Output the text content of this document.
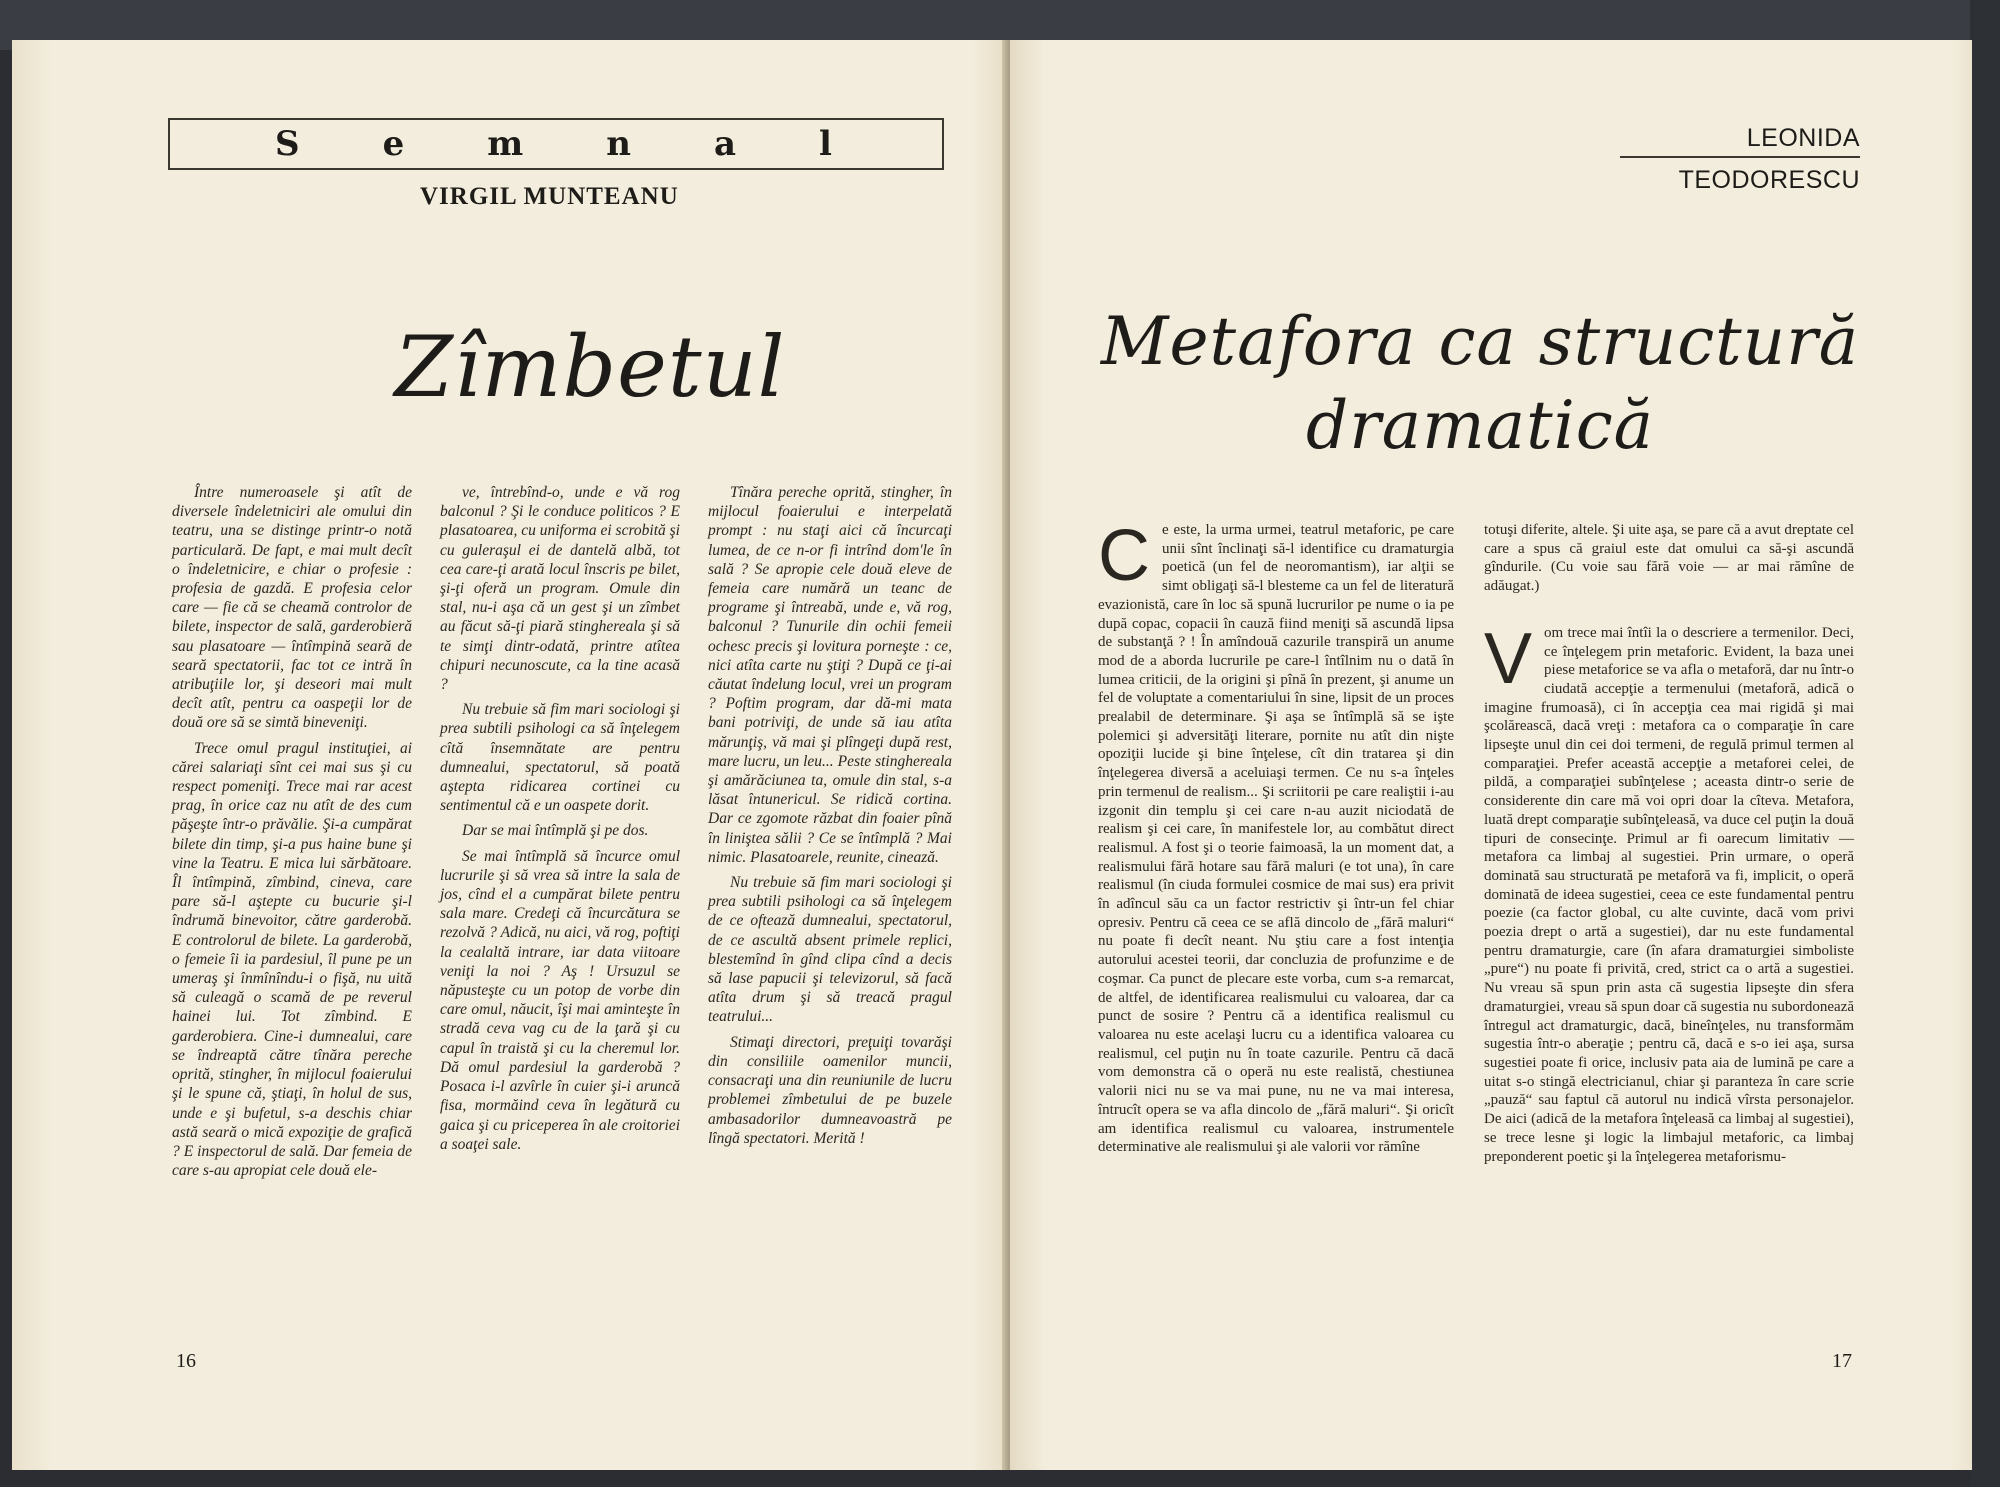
S e m n a l
VIRGIL MUNTEANU
Zîmbetul

Între numeroasele şi atît de diversele îndeletniciri ale omului din teatru, una se distinge printr-o notă particulară. De fapt, e mai mult decît o îndeletnicire, e chiar o profesie : profesia de gazdă. E profesia celor care — fie că se cheamă controlor de bilete, inspector de sală, garderobieră sau plasatoare — întîmpină seară de seară spectatorii, fac tot ce intră în atribuţiile lor, şi deseori mai mult decît atît, pentru ca oaspeţii lor de două ore să se simtă bineveniţi.

Trece omul pragul instituţiei, ai cărei salariaţi sînt cei mai sus şi cu respect pomeniţi. Trece mai rar acest prag, în orice caz nu atît de des cum păşeşte într-o prăvălie. Şi-a cumpărat bilete din timp, şi-a pus haine bune şi vine la Teatru. E mica lui sărbătoare. Îl întîmpină, zîmbind, cineva, care pare să-l aştepte cu bucurie şi-l îndrumă binevoitor, către garderobă. E controlorul de bilete. La garderobă, o femeie îi ia pardesiul, îl pune pe un umeraş şi înmînîndu-i o fişă, nu uită să culeagă o scamă de pe reverul hainei lui. Tot zîmbind. E garderobiera. Cine-i dumnealui, care se îndreaptă către tînăra pereche oprită, stingher, în mijlocul foaierului şi le spune că, ştiaţi, în holul de sus, unde e şi bufetul, s-a deschis chiar astă seară o mică expoziţie de grafică ? E inspectorul de sală. Dar femeia de care s-au apropiat cele două ele-

ve, întrebînd-o, unde e vă rog balconul ? Şi le conduce politicos ? E plasatoarea, cu uniforma ei scrobită şi cu guleraşul ei de dantelă albă, tot cea care-ţi arată locul înscris pe bilet, şi-ţi oferă un program. Omule din stal, nu-i aşa că un gest şi un zîmbet au făcut să-ţi piară stingherealа şi să te simţi dintr-odată, printre atîtea chipuri necunoscute, ca la tine acasă ?

Nu trebuie să fim mari sociologi şi prea subtili psihologi ca să înţelegem cîtă însemnătate are pentru dumnealui, spectatorul, să poată aştepta ridicarea cortinei cu sentimentul că e un oaspete dorit.

Dar se mai întîmplă şi pe dos.

Se mai întîmplă să încurce omul lucrurile şi să vrea să intre la sala de jos, cînd el a cumpărat bilete pentru sala mare. Credeţi că încurcătura se rezolvă ? Adică, nu aici, vă rog, poftiţi la cealaltă intrare, iar data viitoare veniţi la noi ? Aş ! Ursuzul se năpusteşte cu un potop de vorbe din care omul, năucit, îşi mai aminteşte în stradă ceva vag cu de la ţară şi cu capul în traistă şi cu la cheremul lor. Dă omul pardesiul la garderobă ? Posaca i-l azvîrle în cuier şi-i aruncă fisa, mormăind ceva în legătură cu gaica şi cu priceperea în ale croitoriei a soaţei sale.

Tînăra pereche oprită, stingher, în mijlocul foaierului e interpelată prompt : nu staţi aici că încurcaţi lumea, de ce n-or fi intrînd dom'le în sală ? Se apropie cele două eleve de femeia care numără un teanc de programe şi întreabă, unde e, vă rog, balconul ? Tunurile din ochii femeii ochesc precis şi lovitura porneşte : ce, nici atîta carte nu ştiţi ? După ce ţi-ai căutat îndelung locul, vrei un program ? Poftim program, dar dă-mi mata bani potriviţi, de unde să iau atîta mărunţiş, vă mai şi plîngeţi după rest, mare lucru, un leu... Peste stingherealа şi amărăciunea ta, omule din stal, s-a lăsat întunericul. Se ridică cortina. Dar ce zgomote răzbat din foaier pînă în liniştea sălii ? Ce se întîmplă ? Mai nimic. Plasatoarele, reunite, cinează.

Nu trebuie să fim mari sociologi şi prea subtili psihologi ca să înţelegem de ce oftează dumnealui, spectatorul, de ce ascultă absent primele replici, blestemînd în gînd clipa cînd a decis să lase papucii şi televizorul, să facă atîta drum şi să treacă pragul teatrului...

Stimaţi directori, preţuiţi tovarăşi din consiliile oamenilor muncii, consacraţi una din reuniunile de lucru problemei zîmbetului de pe buzele ambasadorilor dumneavoastră pe lîngă spectatori. Merită !

16
LEONIDA
TEODORESCU
Metafora ca structură
dramatică
C e este, la urma urmei, teatrul metaforic, pe care unii sînt înclinaţi să-l identifice cu dramaturgia poetică (un fel de neoromantism), iar alţii se simt obligaţi să-l blesteme ca un fel de literatură evazionistă, care în loc să spună lucrurilor pe nume o ia pe după copac, copacii în cauză fiind meniţi să ascundă lipsa de substanţă ? ! În amîndouă cazurile transpiră un anume mod de a aborda lucrurile pe care-l întîlnim nu o dată în lumea criticii, de la origini şi pînă în prezent, şi anume un fel de voluptate a comentariului în sine, lipsit de un proces prealabil de determinare. Şi aşa se întîmplă să se iştе polemici şi adversităţi literare, pornite nu atît din nişte opoziţii lucide şi bine înţelese, cît din tratarea şi din înţelegerea diversă a aceluiaşi termen. Ce nu s-a înţeles prin termenul de realism... Şi scriitorii pe care realiştii i-au izgonit din templu şi cei care n-au auzit niciodată de realism şi cei care, în manifestele lor, au combătut direct realismul. A fost şi o teorie faimoasă, la un moment dat, a realismului fără hotare sau fără maluri (e tot una), în care realismul (în ciuda formulei cosmice de mai sus) era privit în adîncul său ca un factor restrictiv şi într-un fel chiar opresiv. Pentru că ceea ce se află dincolo de „fără maluri“ nu poate fi decît neant. Nu ştiu care a fost intenţia autorului acestei teorii, dar concluzia de profunzime e de coşmar. Ca punct de plecare este vorba, cum s-a remarcat, de altfel, de identificarea realismului cu valoarea, dar ca punct de sosire ? Pentru că a identifica realismul cu valoarea nu este acelaşi lucru cu a identifica valoarea cu realismul, cel puţin nu în toate cazurile. Pentru că dacă vom demonstra că o operă nu este realistă, chestiunea valorii nici nu se va mai pune, nu ne va mai interesa, întrucît opera se va afla dincolo de „fără maluri“. Şi oricît am identifica realismul cu valoarea, instrumentele determinative ale realismului şi ale valorii vor rămîne

totuşi diferite, altele. Şi uite aşa, se pare că a avut dreptate cel care a spus că graiul este dat omului ca să-şi ascundă gîndurile. (Cu voie sau fără voie — ar mai rămîne de adăugat.)

V om trece mai întîi la o descriere a termenilor. Deci, ce înţelegem prin metaforic. Evident, la baza unei piese metaforice se va afla o metaforă, dar nu într-o ciudată accepţie a termenului (metaforă, adică o imagine frumoasă), ci în accepţia cea mai rigidă şi mai şcolărească, dacă vreţi : metafora ca o comparaţie în care lipseşte unul din cei doi termeni, de regulă primul termen al comparaţiei. Prefer această accepţie a metaforei celei, de pildă, a comparaţiei subînţelese ; aceasta dintr-o serie de considerente din care mă voi opri doar la cîteva. Metafora, luată drept comparaţie subînţeleasă, va duce cel puţin la două tipuri de consecinţe. Primul ar fi oarecum limitativ — metafora ca limbaj al sugestiei. Prin urmare, o operă dominată sau structurată pe metaforă va fi, implicit, o operă dominată de ideea sugestiei, ceea ce este fundamental pentru poezie (ca factor global, cu alte cuvinte, dacă vom privi poezia drept o artă a sugestiei), dar nu este fundamental pentru dramaturgie, care (în afara dramaturgiei simboliste „pure“) nu poate fi privită, cred, strict ca o artă a sugestiei. Nu vreau să spun prin asta că sugestia lipseşte din sfera dramaturgiei, vreau să spun doar că sugestia nu subordonează întregul act dramaturgic, dacă, bineînţeles, nu transformăm sugestia într-o aberaţie ; pentru că, dacă e s-o iei aşa, sursa sugestiei poate fi orice, inclusiv pata aia de lumină pe care a uitat s-o stingă electricianul, chiar şi paranteza în care scrie „pauză“ sau faptul că autorul nu indică vîrsta personajelor. De aici (adică de la metafora înţeleasă ca limbaj al sugestiei), se trece lesne şi logic la limbajul metaforic, ca limbaj preponderent poetic şi la înţelegerea metaforismu-

17
